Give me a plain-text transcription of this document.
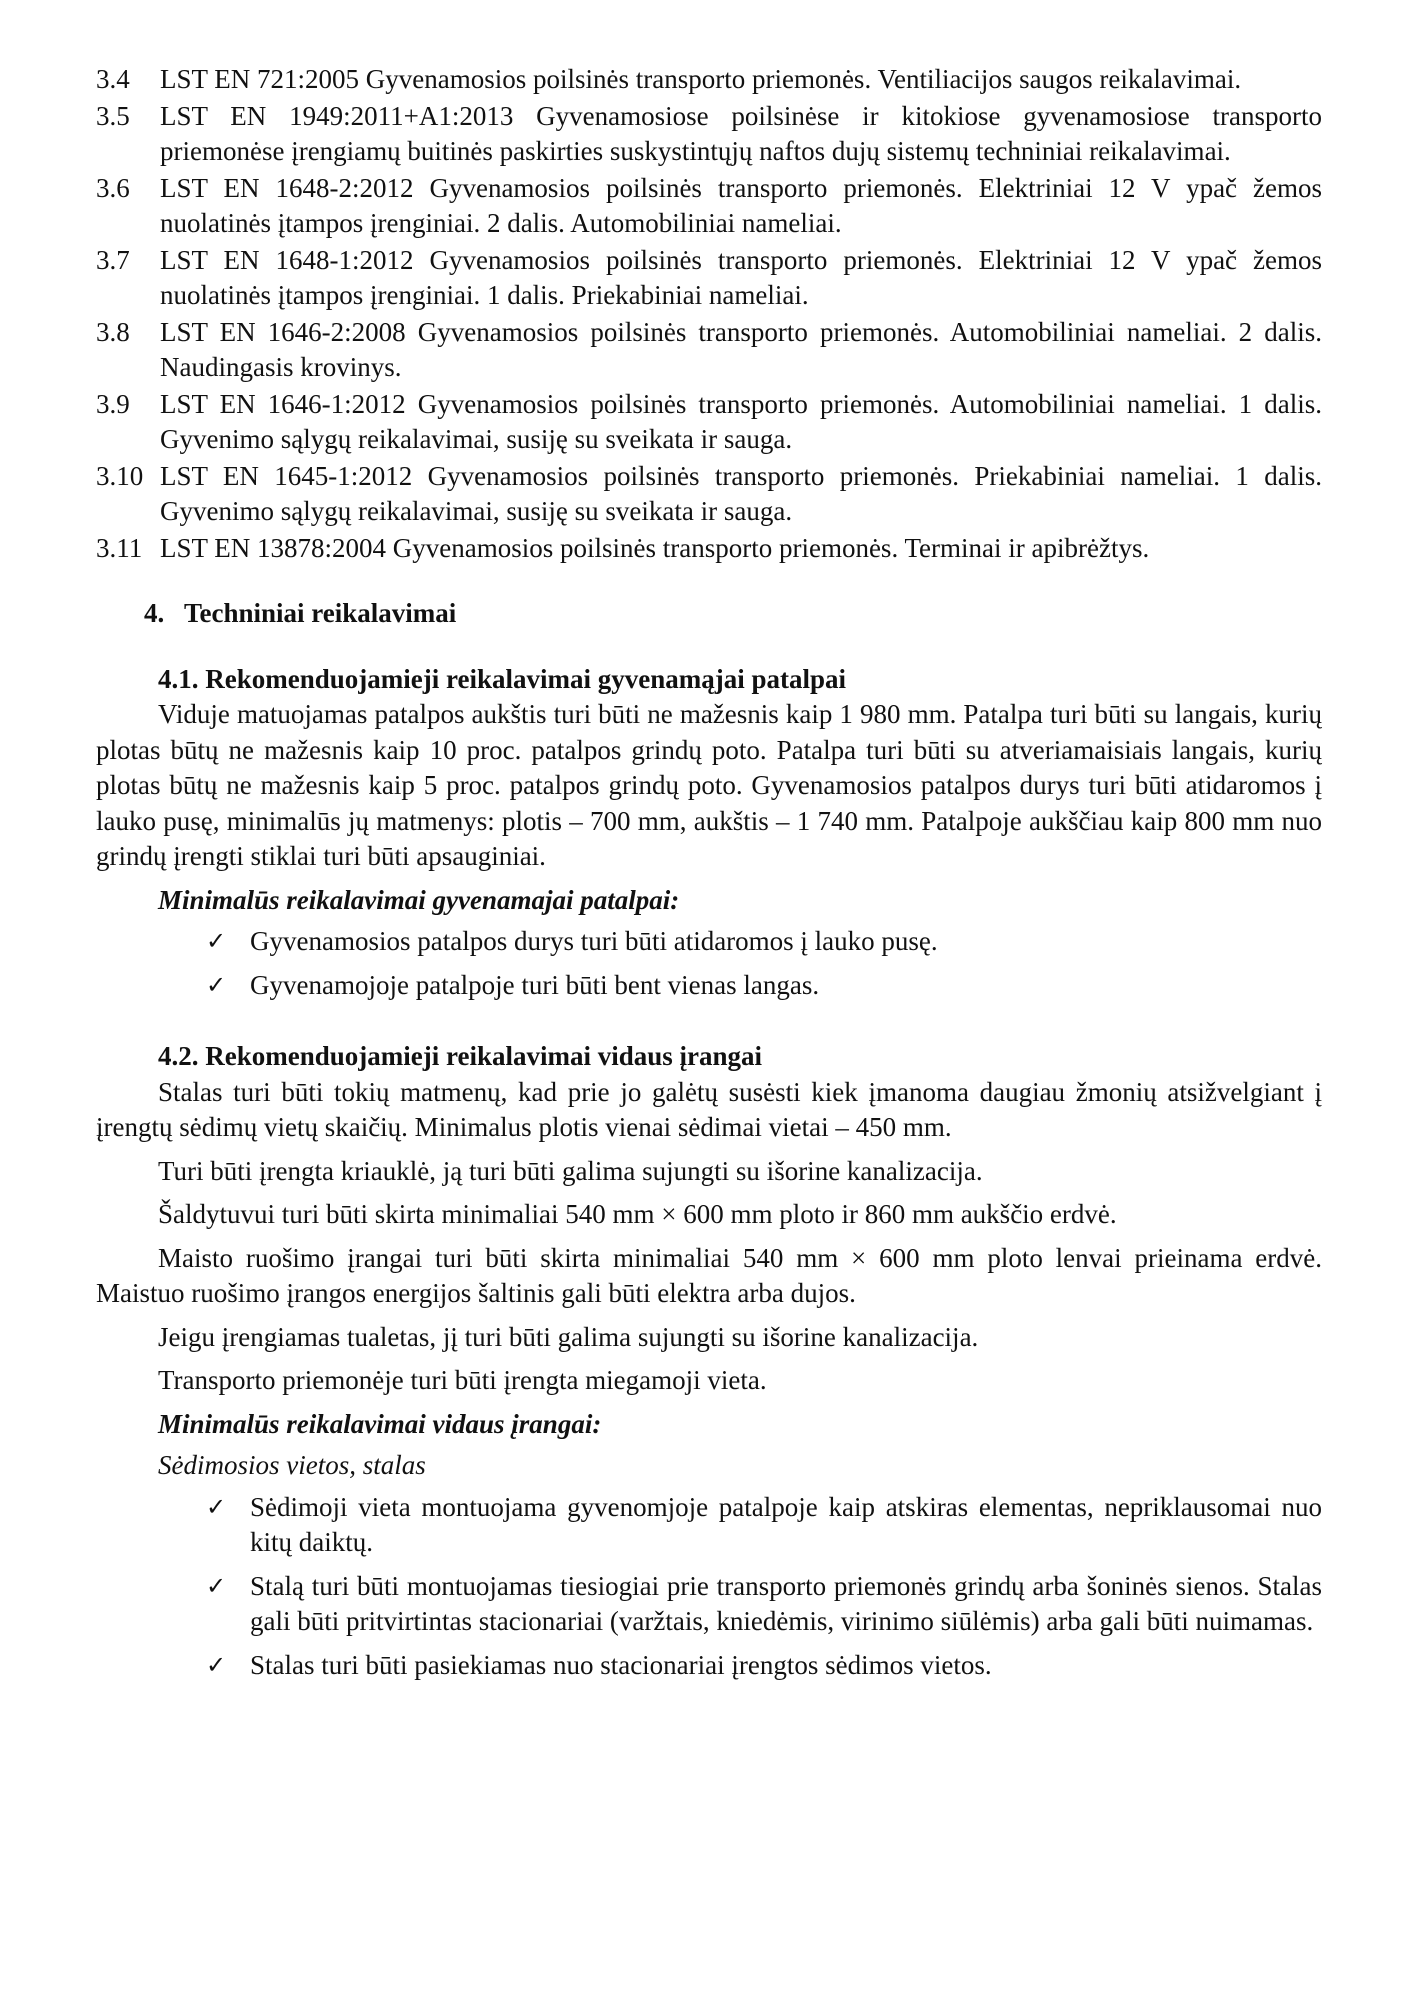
3.4	LST EN 721:2005 Gyvenamosios poilsinės transporto priemonės. Ventiliacijos saugos reikalavimai.
3.5	LST EN 1949:2011+A1:2013 Gyvenamosiose poilsinėse ir kitokiose gyvenamosiose transporto priemonėse įrengiamų buitinės paskirties suskystintųjų naftos dujų sistemų techniniai reikalavimai.
3.6	LST EN 1648-2:2012 Gyvenamosios poilsinės transporto priemonės. Elektriniai 12 V ypač žemos nuolatinės įtampos įrenginiai. 2 dalis. Automobiliniai nameliai.
3.7	LST EN 1648-1:2012 Gyvenamosios poilsinės transporto priemonės. Elektriniai 12 V ypač žemos nuolatinės įtampos įrenginiai. 1 dalis. Priekabiniai nameliai.
3.8	LST EN 1646-2:2008 Gyvenamosios poilsinės transporto priemonės. Automobiliniai nameliai. 2 dalis. Naudingasis krovinys.
3.9	LST EN 1646-1:2012 Gyvenamosios poilsinės transporto priemonės. Automobiliniai nameliai. 1 dalis. Gyvenimo sąlygų reikalavimai, susiję su sveikata ir sauga.
3.10 LST EN 1645-1:2012 Gyvenamosios poilsinės transporto priemonės. Priekabiniai nameliai. 1 dalis. Gyvenimo sąlygų reikalavimai, susiję su sveikata ir sauga.
3.11 LST EN 13878:2004 Gyvenamosios poilsinės transporto priemonės. Terminai ir apibrėžtys.
4. Techniniai reikalavimai
4.1. Rekomenduojamieji reikalavimai gyvenamąjai patalpai

Viduje matuojamas patalpos aukštis turi būti ne mažesnis kaip 1 980 mm. Patalpa turi būti su langais, kurių plotas būtų ne mažesnis kaip 10 proc. patalpos grindų poto. Patalpa turi būti su atveriamaisiais langais, kurių plotas būtų ne mažesnis kaip 5 proc. patalpos grindų poto. Gyvenamosios patalpos durys turi būti atidaromos į lauko pusę, minimalūs jų matmenys: plotis – 700 mm, aukštis – 1 740 mm. Patalpoje aukščiau kaip 800 mm nuo grindų įrengti stiklai turi būti apsauginiai.

Minimalūs reikalavimai gyvenamajai patalpai:
✓ Gyvenamosios patalpos durys turi būti atidaromos į lauko pusę.
✓ Gyvenamojoje patalpoje turi būti bent vienas langas.
4.2. Rekomenduojamieji reikalavimai vidaus įrangai

Stalas turi būti tokių matmenų, kad prie jo galėtų susėsti kiek įmanoma daugiau žmonių atsižvelgiant į įrengtų sėdimų vietų skaičių. Minimalus plotis vienai sėdimai vietai – 450 mm.

Turi būti įrengta kriauklė, ją turi būti galima sujungti su išorine kanalizacija.

Šaldytuvui turi būti skirta minimaliai 540 mm × 600 mm ploto ir 860 mm aukščio erdvė.

Maisto ruošimo įrangai turi būti skirta minimaliai 540 mm × 600 mm ploto lenvai prieinama erdvė. Maistuo ruošimo įrangos energijos šaltinis gali būti elektra arba dujos.

Jeigu įrengiamas tualetas, jį turi būti galima sujungti su išorine kanalizacija.

Transporto priemonėje turi būti įrengta miegamoji vieta.

Minimalūs reikalavimai vidaus įrangai:
Sėdimosios vietos, stalas
✓ Sėdimoji vieta montuojama gyvenomjoje patalpoje kaip atskiras elementas, nepriklausomai nuo kitų daiktų.
✓ Stalą turi būti montuojamas tiesiogiai prie transporto priemonės grindų arba šoninės sienos. Stalas gali būti pritvirtintas stacionariai (varžtais, kniedėmis, virinimo siūlėmis) arba gali būti nuimamas.
✓ Stalas turi būti pasiekiamas nuo stacionariai įrengtos sėdimos vietos.
